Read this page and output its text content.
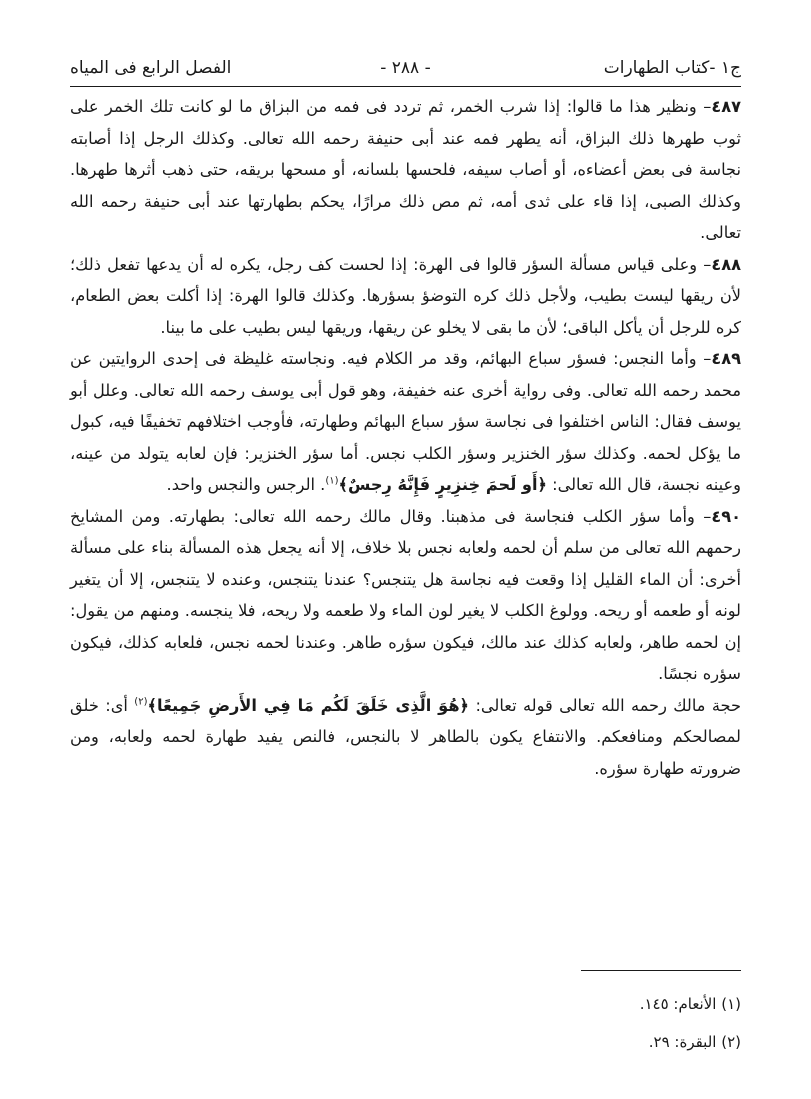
ج١ -كتاب الطهارات
- ٢٨٨ -
الفصل الرابع فى المياه

٤٨٧– ونظير هذا ما قالوا: إذا شرب الخمر، ثم تردد فى فمه من البزاق ما لو كانت تلك الخمر على ثوب طهرها ذلك البزاق، أنه يطهر فمه عند أبى حنيفة رحمه الله تعالى. وكذلك الرجل إذا أصابته نجاسة فى بعض أعضاءه، أو أصاب سيفه، فلحسها بلسانه، أو مسحها بريقه، حتى ذهب أثرها طهرها. وكذلك الصبى، إذا قاء على ثدى أمه، ثم مص ذلك مرارًا، يحكم بطهارتها عند أبى حنيفة رحمه الله تعالى.

٤٨٨– وعلى قياس مسألة السؤر قالوا فى الهرة: إذا لحست كف رجل، يكره له أن يدعها تفعل ذلك؛ لأن ريقها ليست بطيب، ولأجل ذلك كره التوضؤ بسؤرها. وكذلك قالوا الهرة: إذا أكلت بعض الطعام، كره للرجل أن يأكل الباقى؛ لأن ما بقى لا يخلو عن ريقها، وريقها ليس بطيب على ما بينا.

٤٨٩– وأما النجس: فسؤر سباع البهائم، وقد مر الكلام فيه. ونجاسته غليظة فى إحدى الروايتين عن محمد رحمه الله تعالى. وفى رواية أخرى عنه خفيفة، وهو قول أبى يوسف رحمه الله تعالى. وعلل أبو يوسف فقال: الناس اختلفوا فى نجاسة سؤر سباع البهائم وطهارته، فأوجب اختلافهم تخفيفًا فيه، كبول ما يؤكل لحمه. وكذلك سؤر الخنزير وسؤر الكلب نجس. أما سؤر الخنزير: فإن لعابه يتولد من عينه، وعينه نجسة، قال الله تعالى: ﴿أَو لَحمَ خِنزِيرٍ فَإِنَّهُ رِجسٌ﴾$^{(١)}$. الرجس والنجس واحد.

٤٩٠– وأما سؤر الكلب فنجاسة فى مذهبنا. وقال مالك رحمه الله تعالى: بطهارته. ومن المشايخ رحمهم الله تعالى من سلم أن لحمه ولعابه نجس بلا خلاف، إلا أنه يجعل هذه المسألة بناء على مسألة أخرى: أن الماء القليل إذا وقعت فيه نجاسة هل يتنجس؟ عندنا يتنجس، وعنده لا يتنجس، إلا أن يتغير لونه أو طعمه أو ريحه. وولوغ الكلب لا يغير لون الماء ولا طعمه ولا ريحه، فلا ينجسه. ومنهم من يقول: إن لحمه طاهر، ولعابه كذلك عند مالك، فيكون سؤره طاهر. وعندنا لحمه نجس، فلعابه كذلك، فيكون سؤره نجسًا.

حجة مالك رحمه الله تعالى قوله تعالى: ﴿هُوَ الَّذِى خَلَقَ لَكُم مَا فِي الأَرضِ جَمِيعًا﴾$^{(٢)}$ أى: خلق لمصالحكم ومنافعكم. والانتفاع يكون بالطاهر لا بالنجس، فالنص يفيد طهارة لحمه ولعابه، ومن ضرورته طهارة سؤره.

(١) الأنعام: ١٤٥.

(٢) البقرة: ٢٩.
